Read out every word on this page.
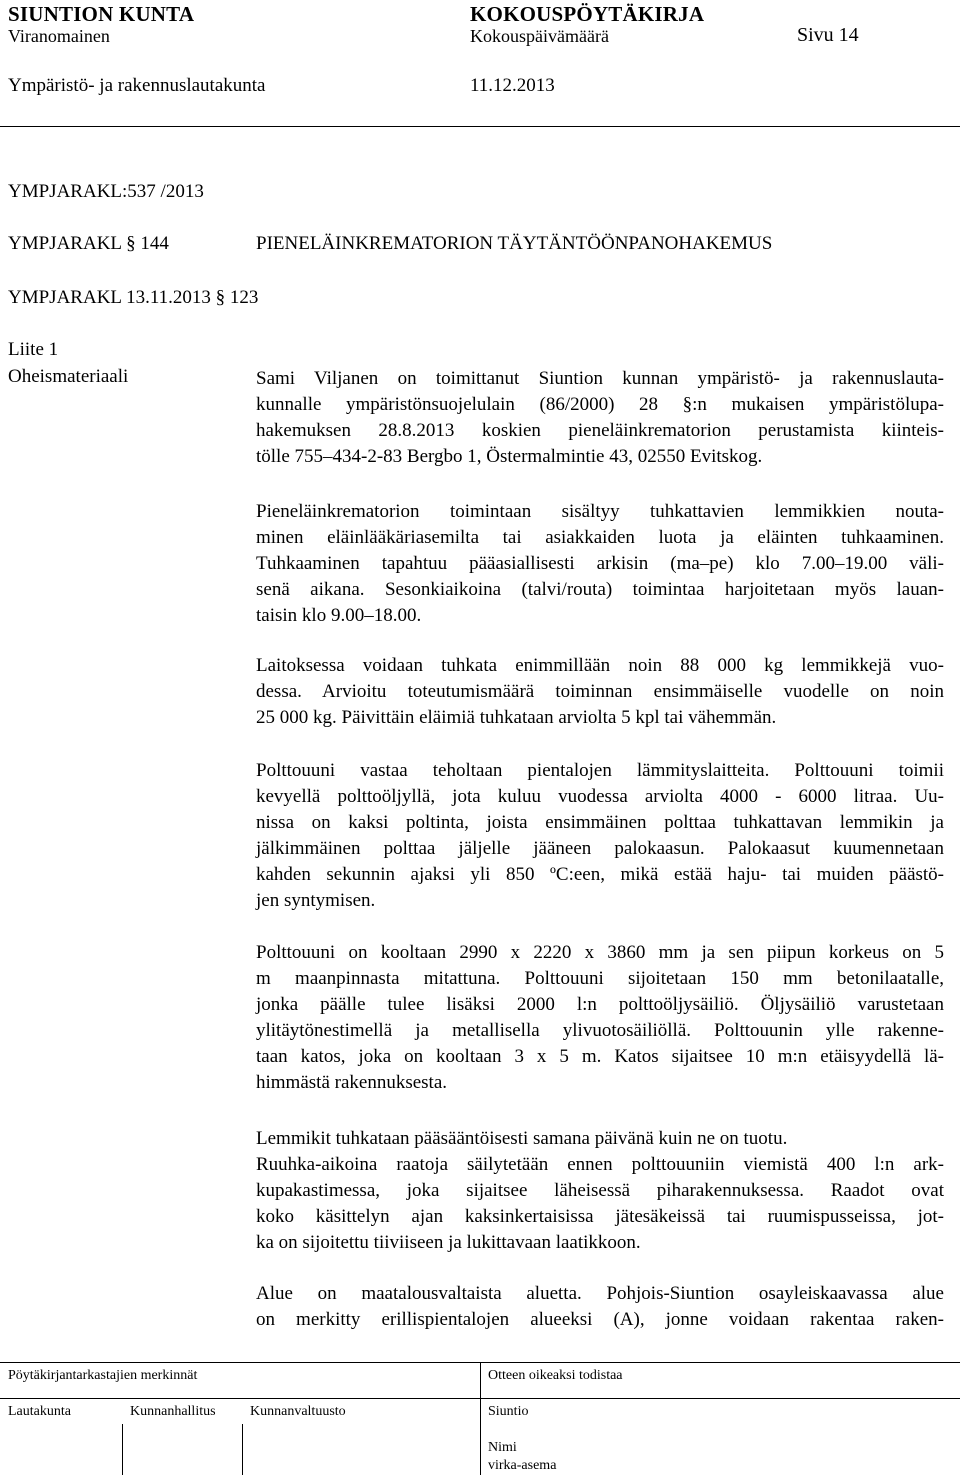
SIUNTION KUNTA	KOKOUSPÖYTÄKIRJA
Viranomainen	Kokouspäivämäärä	Sivu 14
Ympäristö- ja rakennuslautakunta	11.12.2013
YMPJARAKL:537 /2013
YMPJARAKL § 144	PIENELÄINKREMATORION TÄYTÄNTÖÖNPANOHAKEMUS
YMPJARAKL 13.11.2013 § 123
Liite 1
Oheismateriaali	Sami Viljanen on toimittanut Siuntion kunnan ympäristö- ja rakennuslauta-
kunnalle ympäristönsuojelulain (86/2000) 28 §:n mukaisen ympäristölupa-
hakemuksen 28.8.2013 koskien pieneläinkrematorion perustamista kiinteis-
tölle 755–434-2-83 Bergbo 1, Östermalmintie 43, 02550 Evitskog.
Pieneläinkrematorion toimintaan sisältyy tuhkattavien lemmikkien nouta-
minen eläinlääkäriasemilta tai asiakkaiden luota ja eläinten tuhkaaminen.
Tuhkaaminen tapahtuu pääasiallisesti arkisin (ma–pe) klo 7.00–19.00 väli-
senä aikana. Sesonkiaikoina (talvi/routa) toimintaa harjoitetaan myös lauan-
taisin klo 9.00–18.00.
Laitoksessa voidaan tuhkata enimmillään noin 88 000 kg lemmikkejä vuo-
dessa. Arvioitu toteutumismäärä toiminnan ensimmäiselle vuodelle on noin
25 000 kg. Päivittäin eläimiä tuhkataan arviolta 5 kpl tai vähemmän.
Polttouuni vastaa teholtaan pientalojen lämmityslaitteita. Polttouuni toimii
kevyellä polttoöljyllä, jota kuluu vuodessa arviolta 4000 - 6000 litraa. Uu-
nissa on kaksi poltinta, joista ensimmäinen polttaa tuhkattavan lemmikin ja
jälkimmäinen polttaa jäljelle jääneen palokaasun. Palokaasut kuumennetaan
kahden sekunnin ajaksi yli 850 ºC:een, mikä estää haju- tai muiden päästö-
jen syntymisen.
Polttouuni on kooltaan 2990 x 2220 x 3860 mm ja sen piipun korkeus on 5
m maanpinnasta mitattuna. Polttouuni sijoitetaan 150 mm betonilaatalle,
jonka päälle tulee lisäksi 2000 l:n polttoöljysäiliö. Öljysäiliö varustetaan
ylitäytönestimellä ja metallisella ylivuotosäiliöllä. Polttouunin ylle rakenne-
taan katos, joka on kooltaan 3 x 5 m. Katos sijaitsee 10 m:n etäisyydellä lä-
himmästä rakennuksesta.
Lemmikit tuhkataan pääsääntöisesti samana päivänä kuin ne on tuotu.
Ruuhka-aikoina raatoja säilytetään ennen polttouuniin viemistä 400 l:n ark-
kupakastimessa, joka sijaitsee läheisessä piharakennuksessa. Raadot ovat
koko käsittelyn ajan kaksinkertaisissa jätesäkeissä tai ruumispusseissa, jot-
ka on sijoitettu tiiviiseen ja lukittavaan laatikkoon.
Alue on maatalousvaltaista aluetta. Pohjois-Siuntion osayleiskaavassa alue
on merkitty erillispientalojen alueeksi (A), jonne voidaan rakentaa raken-
Pöytäkirjantarkastajien merkinnät	Otteen oikeaksi todistaa
Lautakunta	Kunnanhallitus Kunnanvaltuusto	Siuntio
Nimi
virka-asema
